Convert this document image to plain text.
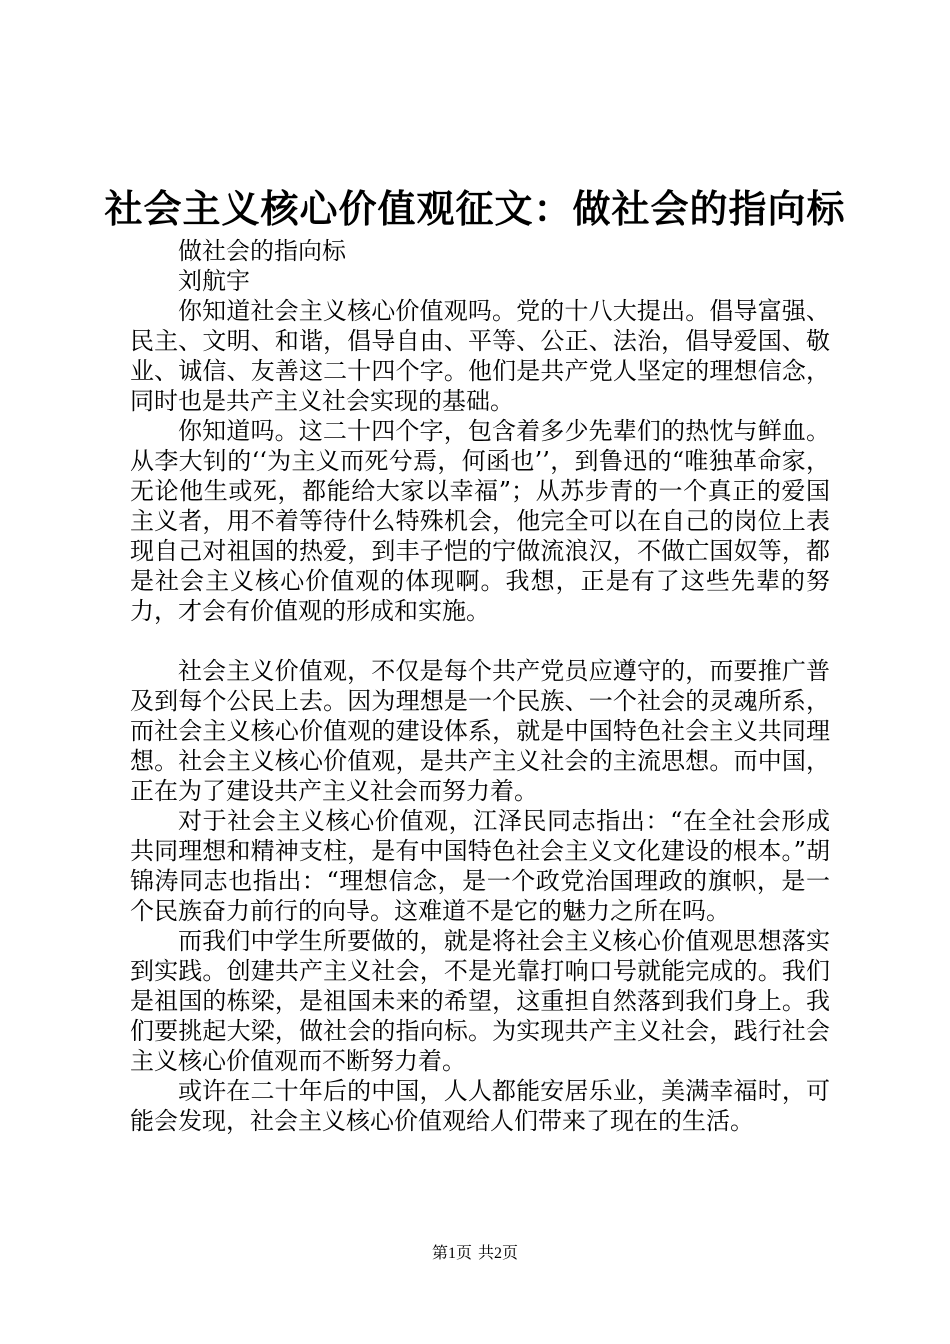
社会主义核心价值观征文：做社会的指向标

做社会的指向标

刘航宇

你知道社会主义核心价值观吗。党的十八大提出。倡导富强、民主、文明、和谐，倡导自由、平等、公正、法治，倡导爱国、敬业、诚信、友善这二十四个字。他们是共产党人坚定的理想信念，同时也是共产主义社会实现的基础。

你知道吗。这二十四个字，包含着多少先辈们的热忱与鲜血。从李大钊的‘‘为主义而死兮焉，何函也’’，到鲁迅的“唯独革命家，无论他生或死，都能给大家以幸福”；从苏步青的一个真正的爱国主义者，用不着等待什么特殊机会，他完全可以在自己的岗位上表现自己对祖国的热爱，到丰子恺的宁做流浪汉，不做亡国奴等，都是社会主义核心价值观的体现啊。我想，正是有了这些先辈的努力，才会有价值观的形成和实施。

社会主义价值观，不仅是每个共产党员应遵守的，而要推广普及到每个公民上去。因为理想是一个民族、一个社会的灵魂所系，而社会主义核心价值观的建设体系，就是中国特色社会主义共同理想。社会主义核心价值观，是共产主义社会的主流思想。而中国，正在为了建设共产主义社会而努力着。

对于社会主义核心价值观，江泽民同志指出：“在全社会形成共同理想和精神支柱，是有中国特色社会主义文化建设的根本。”胡锦涛同志也指出：“理想信念，是一个政党治国理政的旗帜，是一个民族奋力前行的向导。这难道不是它的魅力之所在吗。

而我们中学生所要做的，就是将社会主义核心价值观思想落实到实践。创建共产主义社会，不是光靠打响口号就能完成的。我们是祖国的栋梁，是祖国未来的希望，这重担自然落到我们身上。我们要挑起大梁，做社会的指向标。为实现共产主义社会，践行社会主义核心价值观而不断努力着。

或许在二十年后的中国，人人都能安居乐业，美满幸福时，可能会发现，社会主义核心价值观给人们带来了现在的生活。

第1页 共2页
